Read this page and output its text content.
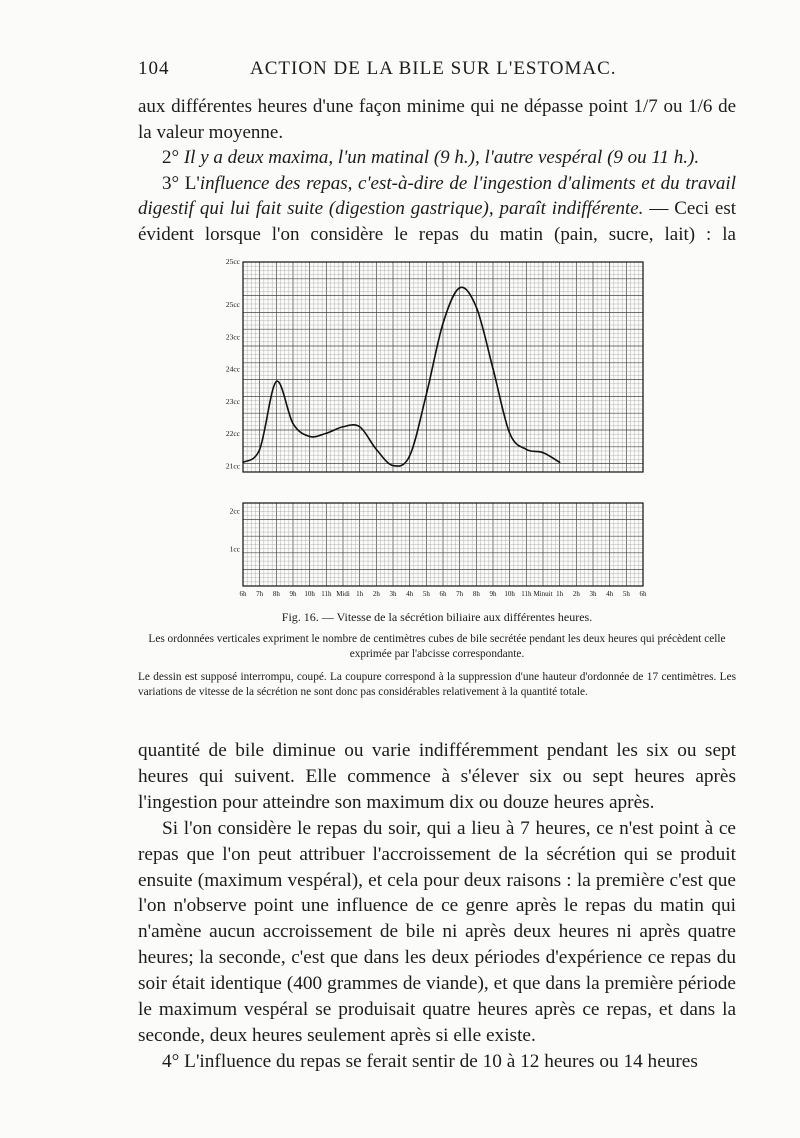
104	ACTION DE LA BILE SUR L'ESTOMAC.

aux différentes heures d'une façon minime qui ne dépasse point 1/7 ou 1/6 de la valeur moyenne.

2° Il y a deux maxima, l'un matinal (9 h.), l'autre vespéral (9 ou 11 h.).

3° L'influence des repas, c'est-à-dire de l'ingestion d'aliments et du travail digestif qui lui fait suite (digestion gastrique), paraît indifférente. — Ceci est évident lorsque l'on considère le repas du matin (pain, sucre, lait) : la

25cc
23cc
24cc
23cc
22cc
21cc
25cc
2cc
1cc
6h 7h 8h 9h 10h 11h Midi 1h 2h 3h 4h 5h 6h 7h 8h 9h 10h 11h Minuit 1h 2h 3h 4h 5h 6h

Fig. 16. — Vitesse de la sécrétion biliaire aux différentes heures.

Les ordonnées verticales expriment le nombre de centimètres cubes de bile secrétée pendant les deux heures qui précèdent celle exprimée par l'abcisse correspondante.

Le dessin est supposé interrompu, coupé. La coupure correspond à la suppression d'une hauteur d'ordonnée de 17 centimètres. Les variations de vitesse de la sécrétion ne sont donc pas considérables relativement à la quantité totale.

quantité de bile diminue ou varie indifféremment pendant les six ou sept heures qui suivent. Elle commence à s'élever six ou sept heures après l'ingestion pour atteindre son maximum dix ou douze heures après.

Si l'on considère le repas du soir, qui a lieu à 7 heures, ce n'est point à ce repas que l'on peut attribuer l'accroissement de la sécrétion qui se produit ensuite (maximum vespéral), et cela pour deux raisons : la première c'est que l'on n'observe point une influence de ce genre après le repas du matin qui n'amène aucun accroissement de bile ni après deux heures ni après quatre heures; la seconde, c'est que dans les deux périodes d'expérience ce repas du soir était identique (400 grammes de viande), et que dans la première période le maximum vespéral se produisait quatre heures après ce repas, et dans la seconde, deux heures seulement après si elle existe.

4° L'influence du repas se ferait sentir de 10 à 12 heures ou 14 heures
